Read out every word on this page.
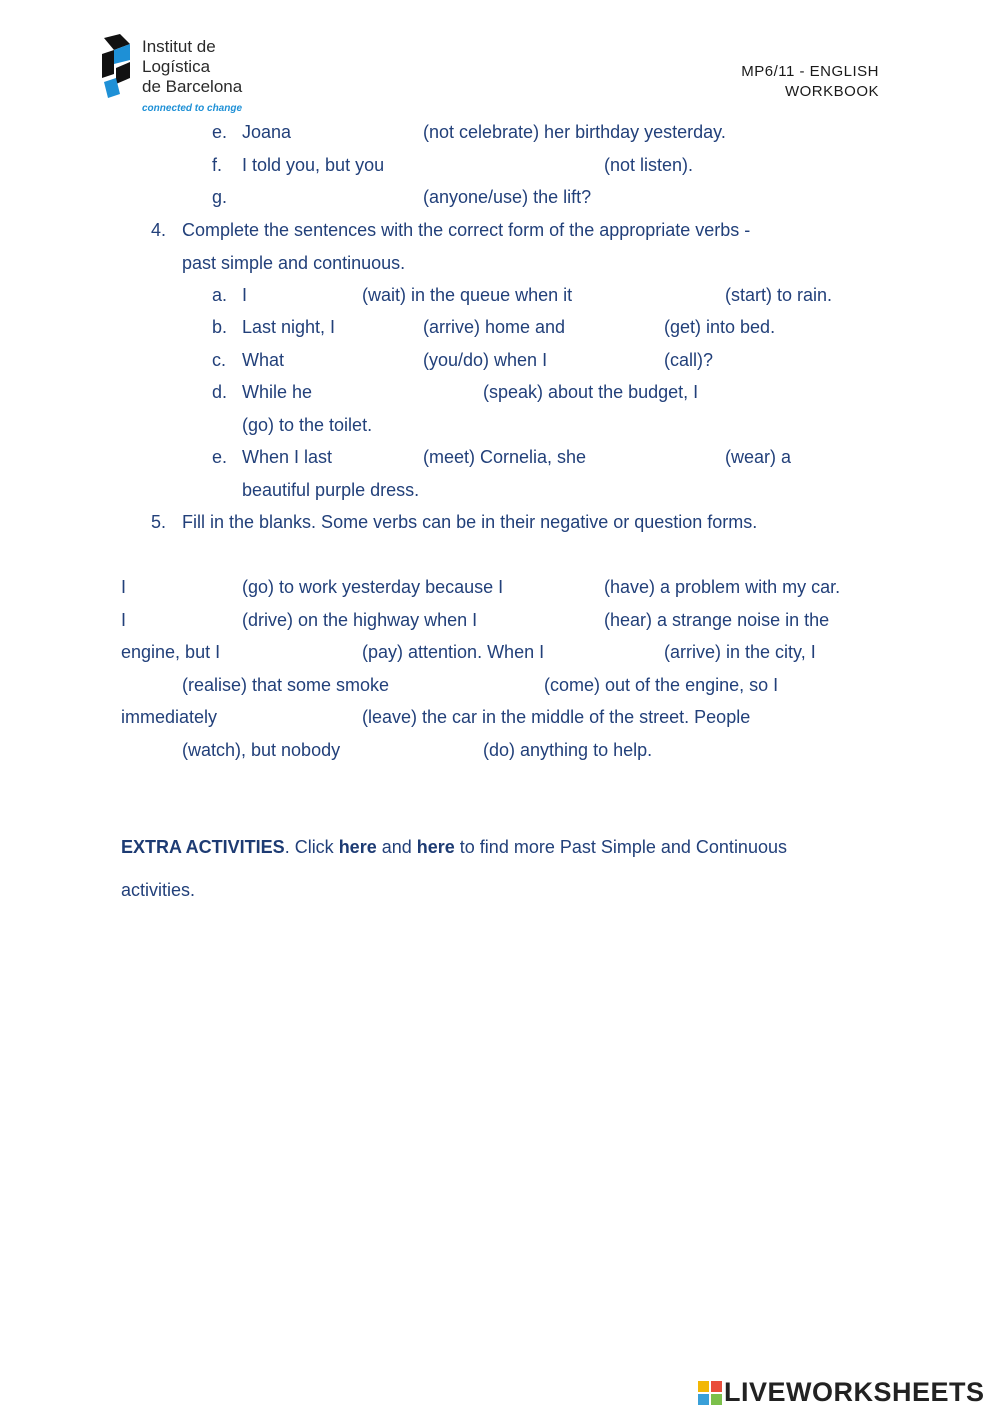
Institut de
Logística
de Barcelona
connected to change
MP6/11 - ENGLISH
WORKBOOK
e. Joana	(not celebrate) her birthday yesterday.
f. I told you, but you	(not listen).
g.	(anyone/use) the lift?
4. Complete the sentences with the correct form of the appropriate verbs -
past simple and continuous.
a. I	(wait) in the queue when it	(start) to rain.
b. Last night, I	(arrive) home and	(get) into bed.
c. What	(you/do) when I	(call)?
d. While he	(speak) about the budget, I
(go) to the toilet.
e. When I last	(meet) Cornelia, she	(wear) a
beautiful purple dress.
5. Fill in the blanks. Some verbs can be in their negative or question forms.
I	(go) to work yesterday because I	(have) a problem with my car.
I	(drive) on the highway when I	(hear) a strange noise in the
engine, but I	(pay) attention. When I	(arrive) in the city, I
(realise) that some smoke	(come) out of the engine, so I
immediately	(leave) the car in the middle of the street. People
(watch), but nobody	(do) anything to help.
EXTRA ACTIVITIES. Click here and here to find more Past Simple and Continuous
activities.
LIVEWORKSHEETS
